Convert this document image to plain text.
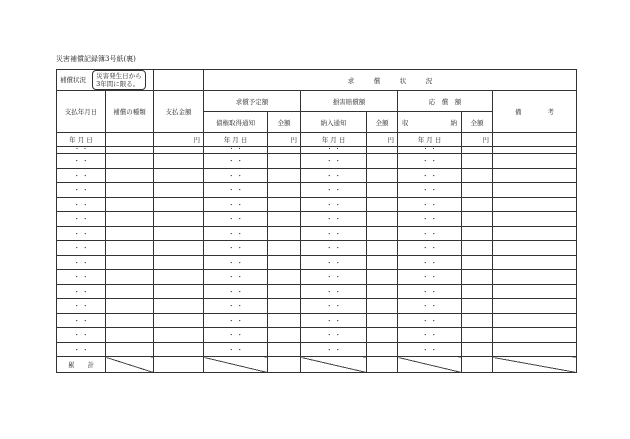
災害補償記録簿3号紙(裏)
補償状況 災害発生日から
3年間に限る。			求　　　償　　　状　　　況						
支払年月日	補償の種類	支払金額	求償予定額		損害賠償額		応　償　額		備　　　　考
			債権取得通知	全額	納入通知	全額	収 納	全額	
年 月 日		円	年 月 日	円	年 月 日	円	年 月 日	円	
・ ・			・ ・		・ ・		・ ・		
・ ・			・ ・		・ ・		・ ・		
・ ・			・ ・		・ ・		・ ・		
・ ・			・ ・		・ ・		・ ・		
・ ・			・ ・		・ ・		・ ・		
・ ・			・ ・		・ ・		・ ・		
・ ・			・ ・		・ ・		・ ・		
・ ・			・ ・		・ ・		・ ・		
・ ・			・ ・		・ ・		・ ・		
・ ・			・ ・		・ ・		・ ・		
・ ・			・ ・		・ ・		・ ・		
・ ・			・ ・		・ ・		・ ・		
・ ・			・ ・		・ ・		・ ・		
・ ・			・ ・		・ ・		・ ・		
・ ・			・ ・		・ ・		・ ・		
累　　計									
